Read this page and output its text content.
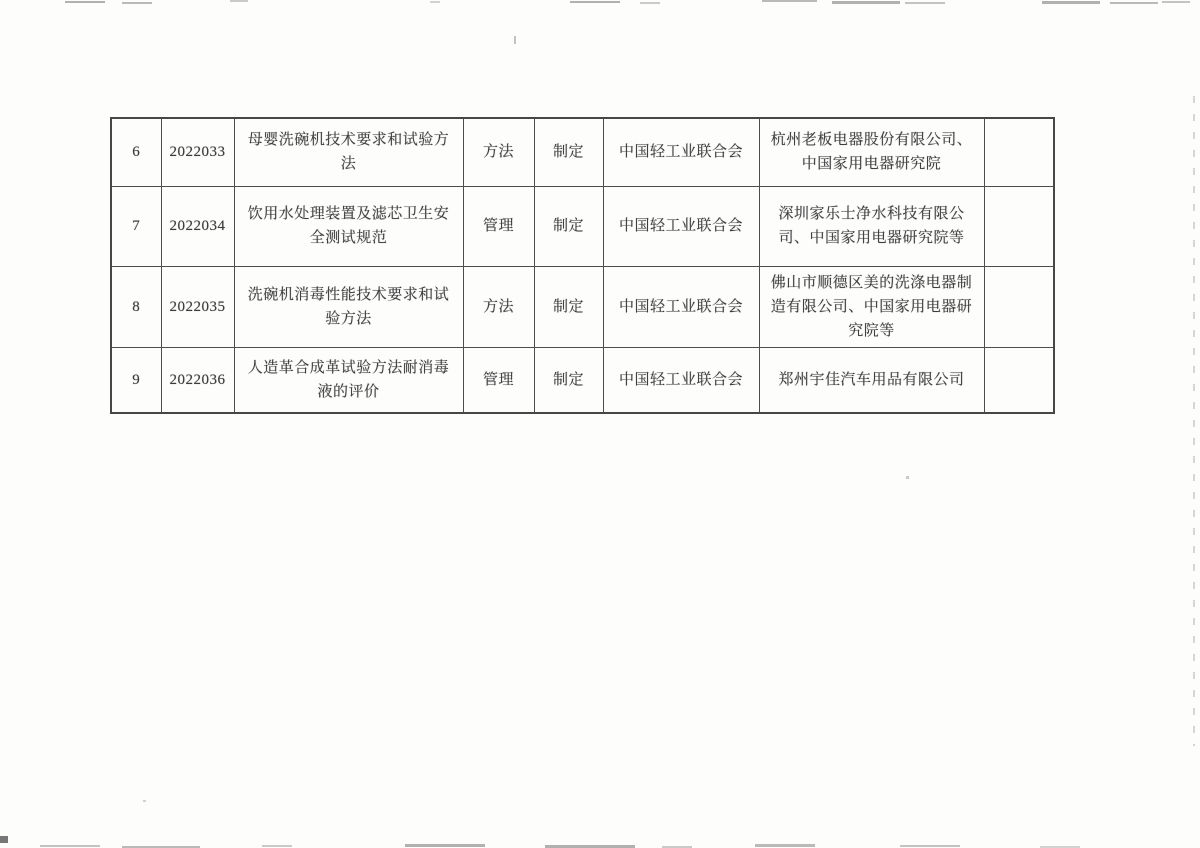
6	2022033	母婴洗碗机技术要求和试验方法	方法	制定	中国轻工业联合会	杭州老板电器股份有限公司、中国家用电器研究院	
7	2022034	饮用水处理装置及滤芯卫生安全测试规范	管理	制定	中国轻工业联合会	深圳家乐士净水科技有限公司、中国家用电器研究院等	
8	2022035	洗碗机消毒性能技术要求和试验方法	方法	制定	中国轻工业联合会	佛山市顺德区美的洗涤电器制造有限公司、中国家用电器研究院等	
9	2022036	人造革合成革试验方法耐消毒液的评价	管理	制定	中国轻工业联合会	郑州宇佳汽车用品有限公司	
